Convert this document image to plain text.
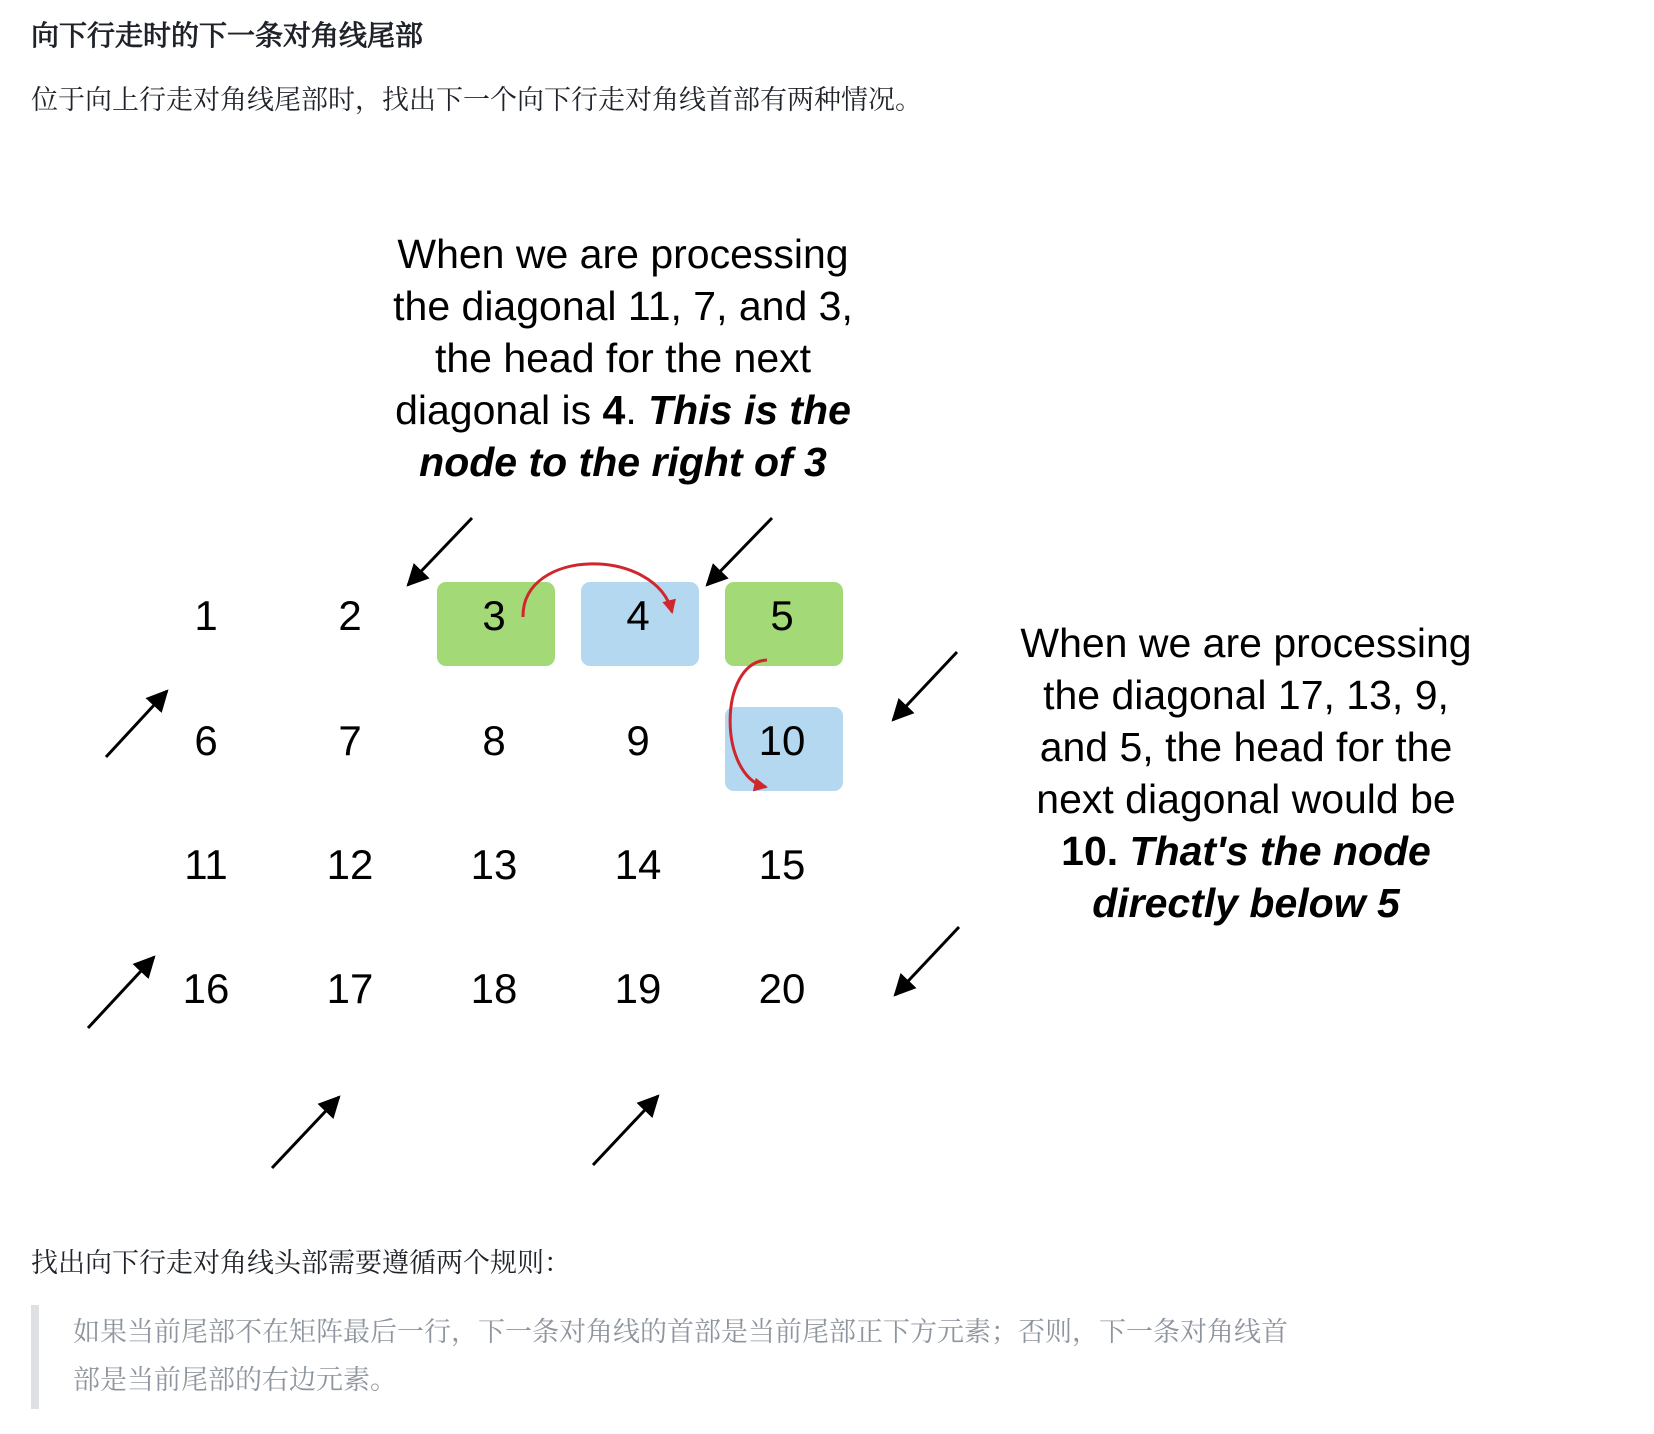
向下行走时的下一条对角线尾部
位于向上行走对角线尾部时，找出下一个向下行走对角线首部有两种情况。
1	2	3	4	5
6	7	8	9	10
11	12	13	14	15
16	17	18	19	20
When we are processing
the diagonal 11, 7, and 3,
the head for the next
diagonal is 4. This is the
node to the right of 3
When we are processing
the diagonal 17, 13, 9,
and 5, the head for the
next diagonal would be
10. That's the node
directly below 5
找出向下行走对角线头部需要遵循两个规则：
如果当前尾部不在矩阵最后一行，下一条对角线的首部是当前尾部正下方元素；否则，下一条对角线首
部是当前尾部的右边元素。
